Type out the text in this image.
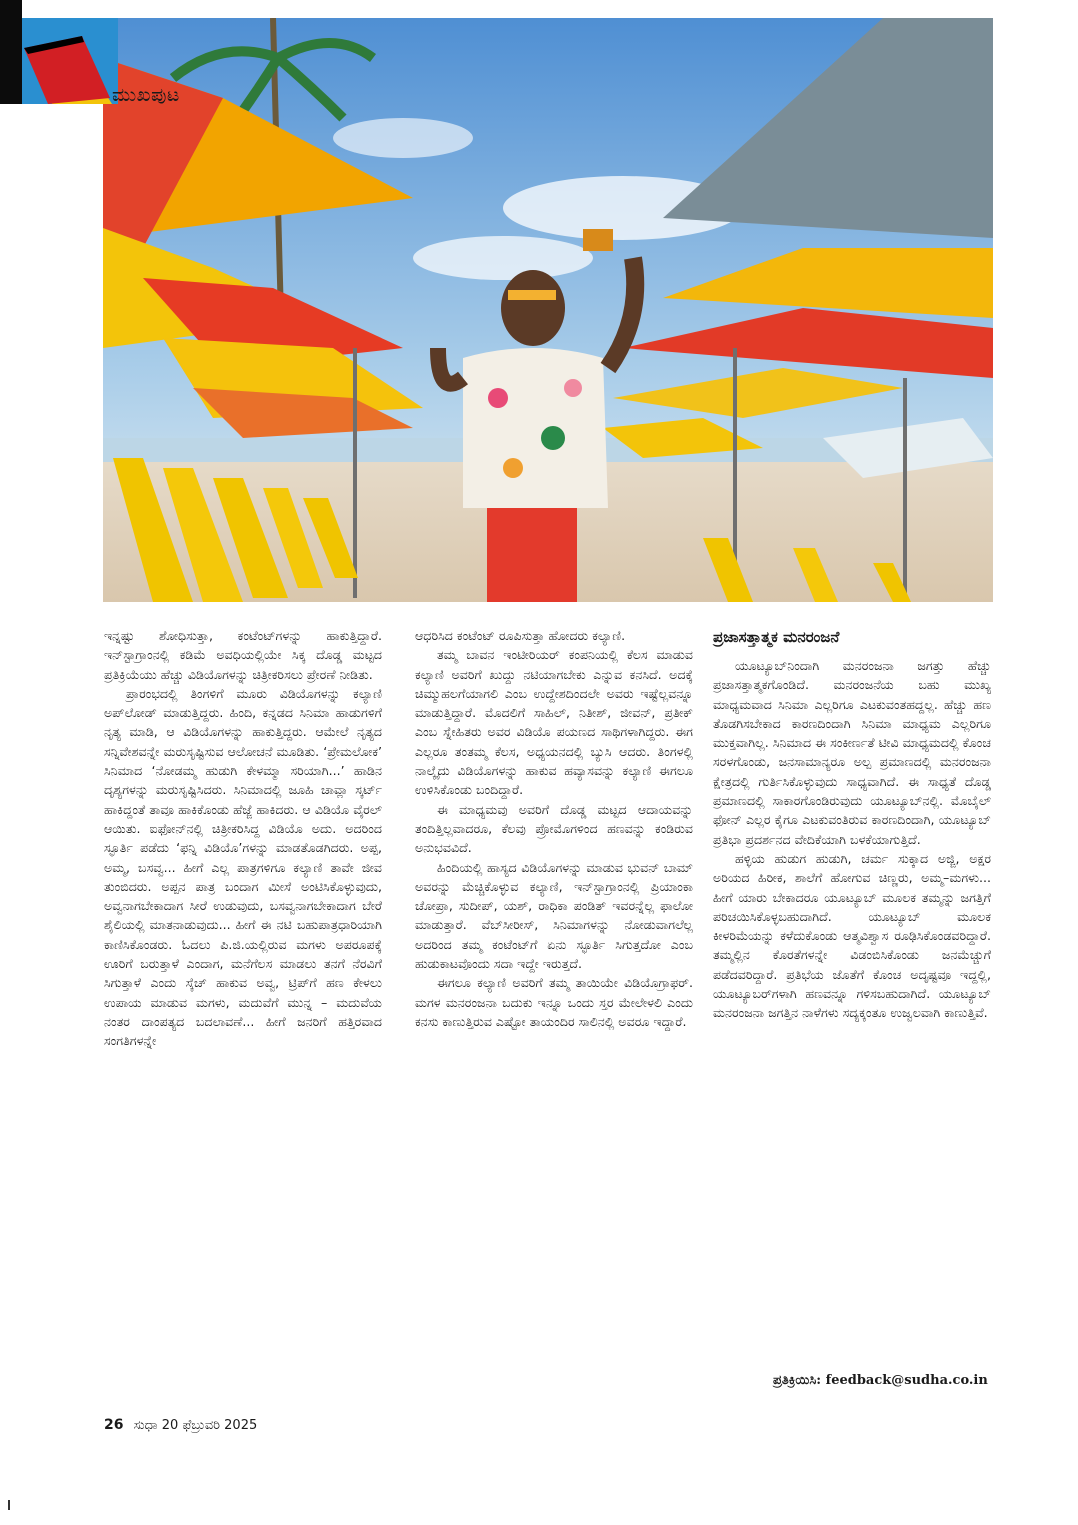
ಮುಖಪುಟ

ಇನ್ನಷ್ಟು ಶೋಧಿಸುತ್ತಾ, ಕಂಟೆಂಟ್‌ಗಳನ್ನು ಹಾಕುತ್ತಿದ್ದಾರೆ. ಇನ್‌ಸ್ಟಾಗ್ರಾಂನಲ್ಲಿ ಕಡಿಮೆ ಅವಧಿಯಲ್ಲಿಯೇ ಸಿಕ್ಕ ದೊಡ್ಡ ಮಟ್ಟದ ಪ್ರತಿಕ್ರಿಯೆಯು ಹೆಚ್ಚು ವಿಡಿಯೊಗಳನ್ನು ಚಿತ್ರೀಕರಿಸಲು ಪ್ರೇರಣೆ ನೀಡಿತು.

ಪ್ರಾರಂಭದಲ್ಲಿ ತಿಂಗಳಿಗೆ ಮೂರು ವಿಡಿಯೊಗಳನ್ನು ಕಲ್ಯಾಣಿ ಅಪ್‌ಲೋಡ್ ಮಾಡುತ್ತಿದ್ದರು. ಹಿಂದಿ, ಕನ್ನಡದ ಸಿನಿಮಾ ಹಾಡುಗಳಿಗೆ ನೃತ್ಯ ಮಾಡಿ, ಆ ವಿಡಿಯೊಗಳನ್ನು ಹಾಕುತ್ತಿದ್ದರು. ಆಮೇಲೆ ನೃತ್ಯದ ಸನ್ನಿವೇಶವನ್ನೇ ಮರುಸೃಷ್ಟಿಸುವ ಆಲೋಚನೆ ಮೂಡಿತು. ‘ಪ್ರೇಮಲೋಕ’ ಸಿನಿಮಾದ ‘ನೋಡಮ್ಮ ಹುಡುಗಿ ಕೇಳಮ್ಮಾ ಸರಿಯಾಗಿ...’ ಹಾಡಿನ ದೃಶ್ಯಗಳನ್ನು ಮರುಸೃಷ್ಟಿಸಿದರು. ಸಿನಿಮಾದಲ್ಲಿ ಜೂಹಿ ಚಾವ್ಲಾ ಸ್ಕರ್ಟ್ ಹಾಕಿದ್ದಂತೆ ತಾವೂ ಹಾಕಿಕೊಂಡು ಹೆಜ್ಜೆ ಹಾಕಿದರು. ಆ ವಿಡಿಯೊ ವೈರಲ್ ಆಯಿತು. ಐಫೋನ್‌ನಲ್ಲಿ ಚಿತ್ರೀಕರಿಸಿದ್ದ ವಿಡಿಯೊ ಅದು. ಅದರಿಂದ ಸ್ಫೂರ್ತಿ ಪಡೆದು ‘ಫನ್ನಿ ವಿಡಿಯೊ’ಗಳನ್ನು ಮಾಡತೊಡಗಿದರು. ಅಪ್ಪ, ಅಮ್ಮ, ಬಸವ್ವ... ಹೀಗೆ ಎಲ್ಲ ಪಾತ್ರಗಳಿಗೂ ಕಲ್ಯಾಣಿ ತಾವೇ ಜೀವ ತುಂಬಿದರು. ಅಪ್ಪನ ಪಾತ್ರ ಬಂದಾಗ ಮೀಸೆ ಅಂಟಿಸಿಕೊಳ್ಳುವುದು, ಅವ್ವನಾಗಬೇಕಾದಾಗ ಸೀರೆ ಉಡುವುದು, ಬಸವ್ವನಾಗಬೇಕಾದಾಗ ಬೇರೆ ಶೈಲಿಯಲ್ಲಿ ಮಾತನಾಡುವುದು... ಹೀಗೆ ಈ ನಟಿ ಬಹುಪಾತ್ರಧಾರಿಯಾಗಿ ಕಾಣಿಸಿಕೊಂಡರು. ಓದಲು ಪಿ.ಜಿ.ಯಲ್ಲಿರುವ ಮಗಳು ಅಪರೂಪಕ್ಕೆ ಊರಿಗೆ ಬರುತ್ತಾಳೆ ಎಂದಾಗ, ಮನೆಗೆಲಸ ಮಾಡಲು ತನಗೆ ನೆರವಿಗೆ ಸಿಗುತ್ತಾಳೆ ಎಂದು ಸ್ಕೆಚ್ ಹಾಕುವ ಅವ್ವ, ಟ್ರಿಪ್‌ಗೆ ಹಣ ಕೇಳಲು ಉಪಾಯ ಮಾಡುವ ಮಗಳು, ಮದುವೆಗೆ ಮುನ್ನ – ಮದುವೆಯ ನಂತರ ದಾಂಪತ್ಯದ ಬದಲಾವಣೆ... ಹೀಗೆ ಜನರಿಗೆ ಹತ್ತಿರವಾದ ಸಂಗತಿಗಳನ್ನೇ

ಆಧರಿಸಿದ ಕಂಟೆಂಟ್ ರೂಪಿಸುತ್ತಾ ಹೋದರು ಕಲ್ಯಾಣಿ.

ತಮ್ಮ ಬಾವನ ಇಂಟೀರಿಯರ್ ಕಂಪನಿಯಲ್ಲಿ ಕೆಲಸ ಮಾಡುವ ಕಲ್ಯಾಣಿ ಅವರಿಗೆ ಖುದ್ದು ನಟಿಯಾಗಬೇಕು ಎನ್ನುವ ಕನಸಿದೆ. ಅದಕ್ಕೆ ಚಿಮ್ಮುಹಲಗೆಯಾಗಲಿ ಎಂಬ ಉದ್ದೇಶದಿಂದಲೇ ಅವರು ಇಷ್ಟೆಲ್ಲವನ್ನೂ ಮಾಡುತ್ತಿದ್ದಾರೆ. ಮೊದಲಿಗೆ ಸಾಹಿಲ್, ನಿತೀಶ್, ಜೀವನ್, ಪ್ರತೀಕ್ ಎಂಬ ಸ್ನೇಹಿತರು ಅವರ ವಿಡಿಯೊ ಪಯಣದ ಸಾಥಿಗಳಾಗಿದ್ದರು. ಈಗ ಎಲ್ಲರೂ ತಂತಮ್ಮ ಕೆಲಸ, ಅಧ್ಯಯನದಲ್ಲಿ ಬ್ಯುಸಿ ಆದರು. ತಿಂಗಳಲ್ಲಿ ನಾಲ್ಕೈದು ವಿಡಿಯೊಗಳನ್ನು ಹಾಕುವ ಹವ್ಯಾಸವನ್ನು ಕಲ್ಯಾಣಿ ಈಗಲೂ ಉಳಿಸಿಕೊಂಡು ಬಂದಿದ್ದಾರೆ.

ಈ ಮಾಧ್ಯಮವು ಅವರಿಗೆ ದೊಡ್ಡ ಮಟ್ಟದ ಆದಾಯವನ್ನು ತಂದಿತ್ತಿಲ್ಲವಾದರೂ, ಕೆಲವು ಪ್ರೋಮೊಗಳಿಂದ ಹಣವನ್ನು ಕಂಡಿರುವ ಅನುಭವವಿದೆ.

ಹಿಂದಿಯಲ್ಲಿ ಹಾಸ್ಯದ ವಿಡಿಯೊಗಳನ್ನು ಮಾಡುವ ಭುವನ್ ಬಾಮ್ ಅವರನ್ನು ಮೆಚ್ಚಿಕೊಳ್ಳುವ ಕಲ್ಯಾಣಿ, ಇನ್‌ಸ್ಟಾಗ್ರಾಂನಲ್ಲಿ ಪ್ರಿಯಾಂಕಾ ಚೋಪ್ರಾ, ಸುದೀಪ್, ಯಶ್, ರಾಧಿಕಾ ಪಂಡಿತ್ ಇವರನ್ನೆಲ್ಲ ಫಾಲೋ ಮಾಡುತ್ತಾರೆ. ವೆಬ್‌ಸೀರೀಸ್, ಸಿನಿಮಾಗಳನ್ನು ನೋಡುವಾಗಲೆಲ್ಲ ಅದರಿಂದ ತಮ್ಮ ಕಂಟೆಂಟ್‌ಗೆ ಏನು ಸ್ಫೂರ್ತಿ ಸಿಗುತ್ತದೋ ಎಂಬ ಹುಡುಕಾಟವೊಂದು ಸದಾ ಇದ್ದೇ ಇರುತ್ತದೆ.

ಈಗಲೂ ಕಲ್ಯಾಣಿ ಅವರಿಗೆ ತಮ್ಮ ತಾಯಿಯೇ ವಿಡಿಯೊಗ್ರಾಫರ್. ಮಗಳ ಮನರಂಜನಾ ಬದುಕು ಇನ್ನೂ ಒಂದು ಸ್ತರ ಮೇಲೇಳಲಿ ಎಂದು ಕನಸು ಕಾಣುತ್ತಿರುವ ಎಷ್ಟೋ ತಾಯಂದಿರ ಸಾಲಿನಲ್ಲಿ ಅವರೂ ಇದ್ದಾರೆ.

ಪ್ರಜಾಸತ್ತಾತ್ಮಕ ಮನರಂಜನೆ

ಯೂಟ್ಯೂಬ್‌ನಿಂದಾಗಿ ಮನರಂಜನಾ ಜಗತ್ತು ಹೆಚ್ಚು ಪ್ರಜಾಸತ್ತಾತ್ಮಕಗೊಂಡಿದೆ. ಮನರಂಜನೆಯ ಬಹು ಮುಖ್ಯ ಮಾಧ್ಯಮವಾದ ಸಿನಿಮಾ ಎಲ್ಲರಿಗೂ ಎಟಕುವಂತಹದ್ದಲ್ಲ. ಹೆಚ್ಚು ಹಣ ತೊಡಗಿಸಬೇಕಾದ ಕಾರಣದಿಂದಾಗಿ ಸಿನಿಮಾ ಮಾಧ್ಯಮ ಎಲ್ಲರಿಗೂ ಮುಕ್ತವಾಗಿಲ್ಲ. ಸಿನಿಮಾದ ಈ ಸಂಕೀರ್ಣತೆ ಟೀವಿ ಮಾಧ್ಯಮದಲ್ಲಿ ಕೊಂಚ ಸರಳಗೊಂಡು, ಜನಸಾಮಾನ್ಯರೂ ಅಲ್ಪ ಪ್ರಮಾಣದಲ್ಲಿ ಮನರಂಜನಾ ಕ್ಷೇತ್ರದಲ್ಲಿ ಗುರ್ತಿಸಿಕೊಳ್ಳುವುದು ಸಾಧ್ಯವಾಗಿದೆ. ಈ ಸಾಧ್ಯತೆ ದೊಡ್ಡ ಪ್ರಮಾಣದಲ್ಲಿ ಸಾಕಾರಗೊಂಡಿರುವುದು ಯೂಟ್ಯೂಬ್‌ನಲ್ಲಿ. ಮೊಬೈಲ್ ಫೋನ್ ಎಲ್ಲರ ಕೈಗೂ ಎಟಕುವಂತಿರುವ ಕಾರಣದಿಂದಾಗಿ, ಯೂಟ್ಯೂಬ್ ಪ್ರತಿಭಾ ಪ್ರದರ್ಶನದ ವೇದಿಕೆಯಾಗಿ ಬಳಕೆಯಾಗುತ್ತಿದೆ.

ಹಳ್ಳಿಯ ಹುಡುಗ ಹುಡುಗಿ, ಚರ್ಮ ಸುಕ್ಕಾದ ಅಜ್ಜಿ, ಅಕ್ಷರ ಅರಿಯದ ಹಿರೀಕ, ಶಾಲೆಗೆ ಹೋಗುವ ಚಿಣ್ಣರು, ಅಮ್ಮ–ಮಗಳು... ಹೀಗೆ ಯಾರು ಬೇಕಾದರೂ ಯೂಟ್ಯೂಬ್ ಮೂಲಕ ತಮ್ಮನ್ನು ಜಗತ್ತಿಗೆ ಪರಿಚಯಿಸಿಕೊಳ್ಳಬಹುದಾಗಿದೆ. ಯೂಟ್ಯೂಬ್ ಮೂಲಕ ಕೀಳರಿಮೆಯನ್ನು ಕಳೆದುಕೊಂಡು ಆತ್ಮವಿಶ್ವಾಸ ರೂಢಿಸಿಕೊಂಡವರಿದ್ದಾರೆ. ತಮ್ಮಲ್ಲಿನ ಕೊರತೆಗಳನ್ನೇ ವಿಡಂಬಿಸಿಕೊಂಡು ಜನಮೆಚ್ಚುಗೆ ಪಡೆದವರಿದ್ದಾರೆ. ಪ್ರತಿಭೆಯ ಜೊತೆಗೆ ಕೊಂಚ ಅದೃಷ್ಟವೂ ಇದ್ದಲ್ಲಿ, ಯೂಟ್ಯೂಬರ್‌ಗಳಾಗಿ ಹಣವನ್ನೂ ಗಳಿಸಬಹುದಾಗಿದೆ. ಯೂಟ್ಯೂಬ್ ಮನರಂಜನಾ ಜಗತ್ತಿನ ನಾಳೆಗಳು ಸದ್ಯಕ್ಕಂತೂ ಉಜ್ವಲವಾಗಿ ಕಾಣುತ್ತಿವೆ.

ಪ್ರತಿಕ್ರಿಯಿಸಿ: feedback@sudha.co.in
26 ಸುಧಾ 20 ಫೆಬ್ರುವರಿ 2025
